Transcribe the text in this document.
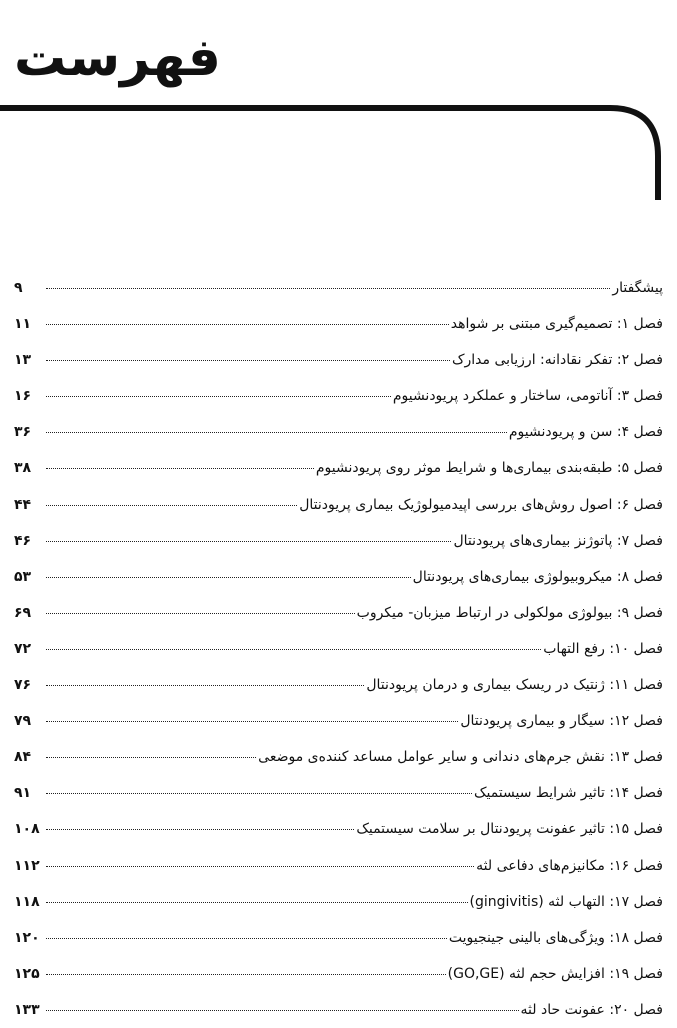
فهرست
پیشگفتار
۹
فصل ۱: تصمیم‌گیری مبتنی بر شواهد
۱۱
فصل ۲: تفکر نقادانه: ارزیابی مدارک
۱۳
فصل ۳: آناتومی، ساختار و عملکرد پریودنشیوم
۱۶
فصل ۴: سن و پریودنشیوم
۳۶
فصل ۵: طبقه‌بندی بیماری‌ها و شرایط موثر روی پریودنشیوم
۳۸
فصل ۶: اصول روش‌های بررسی اپیدمیولوژیک بیماری پریودنتال
۴۴
فصل ۷: پاتوژنز بیماری‌های پریودنتال
۴۶
فصل ۸: میکروبیولوژی بیماری‌های پریودنتال
۵۳
فصل ۹: بیولوژی مولکولی در ارتباط میزبان- میکروب
۶۹
فصل ۱۰: رفع التهاب
۷۲
فصل ۱۱: ژنتیک در ریسک بیماری و درمان پریودنتال
۷۶
فصل ۱۲: سیگار و بیماری پریودنتال
۷۹
فصل ۱۳: نقش جرم‌های دندانی و سایر عوامل مساعد کننده‌ی موضعی
۸۴
فصل ۱۴: تاثیر شرایط سیستمیک
۹۱
فصل ۱۵: تاثیر عفونت پریودنتال بر سلامت سیستمیک
۱۰۸
فصل ۱۶: مکانیزم‌های دفاعی لثه
۱۱۲
فصل ۱۷: التهاب لثه (gingivitis)
۱۱۸
فصل ۱۸: ویژگی‌های بالینی جینجیویت
۱۲۰
فصل ۱۹: افزایش حجم لثه (GO,GE)
۱۲۵
فصل ۲۰: عفونت حاد لثه
۱۳۳
